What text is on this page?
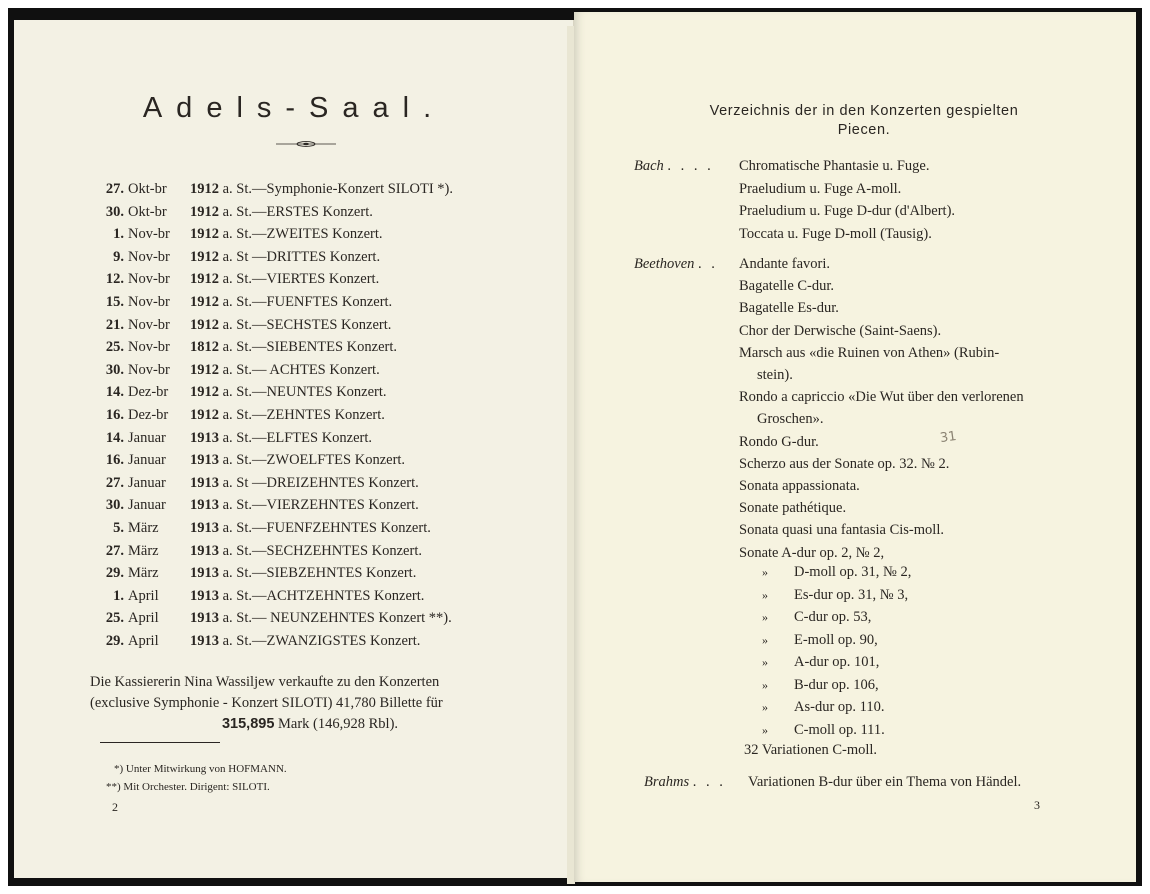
Adels-Saal.
27. Okt-br 1912 a. St.—Symphonie-Konzert SILOTI *).
30. Okt-br 1912 a. St.—ERSTES Konzert.
1. Nov-br 1912 a. St.—ZWEITES Konzert.
9. Nov-br 1912 a. St —DRITTES Konzert.
12. Nov-br 1912 a. St.—VIERTES Konzert.
15. Nov-br 1912 a. St.—FUENFTES Konzert.
21. Nov-br 1912 a. St.—SECHSTES Konzert.
25. Nov-br 1812 a. St.—SIEBENTES Konzert.
30. Nov-br 1912 a. St.— ACHTES Konzert.
14. Dez-br 1912 a. St.—NEUNTES Konzert.
16. Dez-br 1912 a. St.—ZEHNTES Konzert.
14. Januar 1913 a. St.—ELFTES Konzert.
16. Januar 1913 a. St.—ZWOELFTES Konzert.
27. Januar 1913 a. St —DREIZEHNTES Konzert.
30. Januar 1913 a. St.—VIERZEHNTES Konzert.
5. März 1913 a. St.—FUENFZEHNTES Konzert.
27. März 1913 a. St.—SECHZEHNTES Konzert.
29. März 1913 a. St.—SIEBZEHNTES Konzert.
1. April 1913 a. St.—ACHTZEHNTES Konzert.
25. April 1913 a. St.— NEUNZEHNTES Konzert **).
29. April 1913 a. St.—ZWANZIGSTES Konzert.
Die Kassiererin Nina Wassiljew verkaufte zu den Konzerten
(exclusive Symphonie - Konzert SILOTI) 41,780 Billette für
315,895 Mark (146,928 Rbl).
*) Unter Mitwirkung von HOFMANN.
**) Mit Orchester. Dirigent: SILOTI.
2
Verzeichnis der in den Konzerten gespielten
Piecen.
Bach . . . . Chromatische Phantasie u. Fuge.
Praeludium u. Fuge A-moll.
Praeludium u. Fuge D-dur (d'Albert).
Toccata u. Fuge D-moll (Tausig).
Beethoven . . Andante favori.
Bagatelle C-dur.
Bagatelle Es-dur.
Chor der Derwische (Saint-Saens).
Marsch aus «die Ruinen von Athen» (Rubin-
stein).
Rondo a capriccio «Die Wut über den verlorenen
Groschen».
Rondo G-dur.
Scherzo aus der Sonate op. 32. № 2.
Sonata appassionata.
Sonate pathétique.
Sonata quasi una fantasia Cis-moll.
Sonate A-dur op. 2, № 2,
» D-moll op. 31, № 2,
» Es-dur op. 31, № 3,
» C-dur op. 53,
» E-moll op. 90,
» A-dur op. 101,
» B-dur op. 106,
» As-dur op. 110.
» C-moll op. 111.
32 Variationen C-moll.
Brahms . . . Variationen B-dur über ein Thema von Händel.
31
3
